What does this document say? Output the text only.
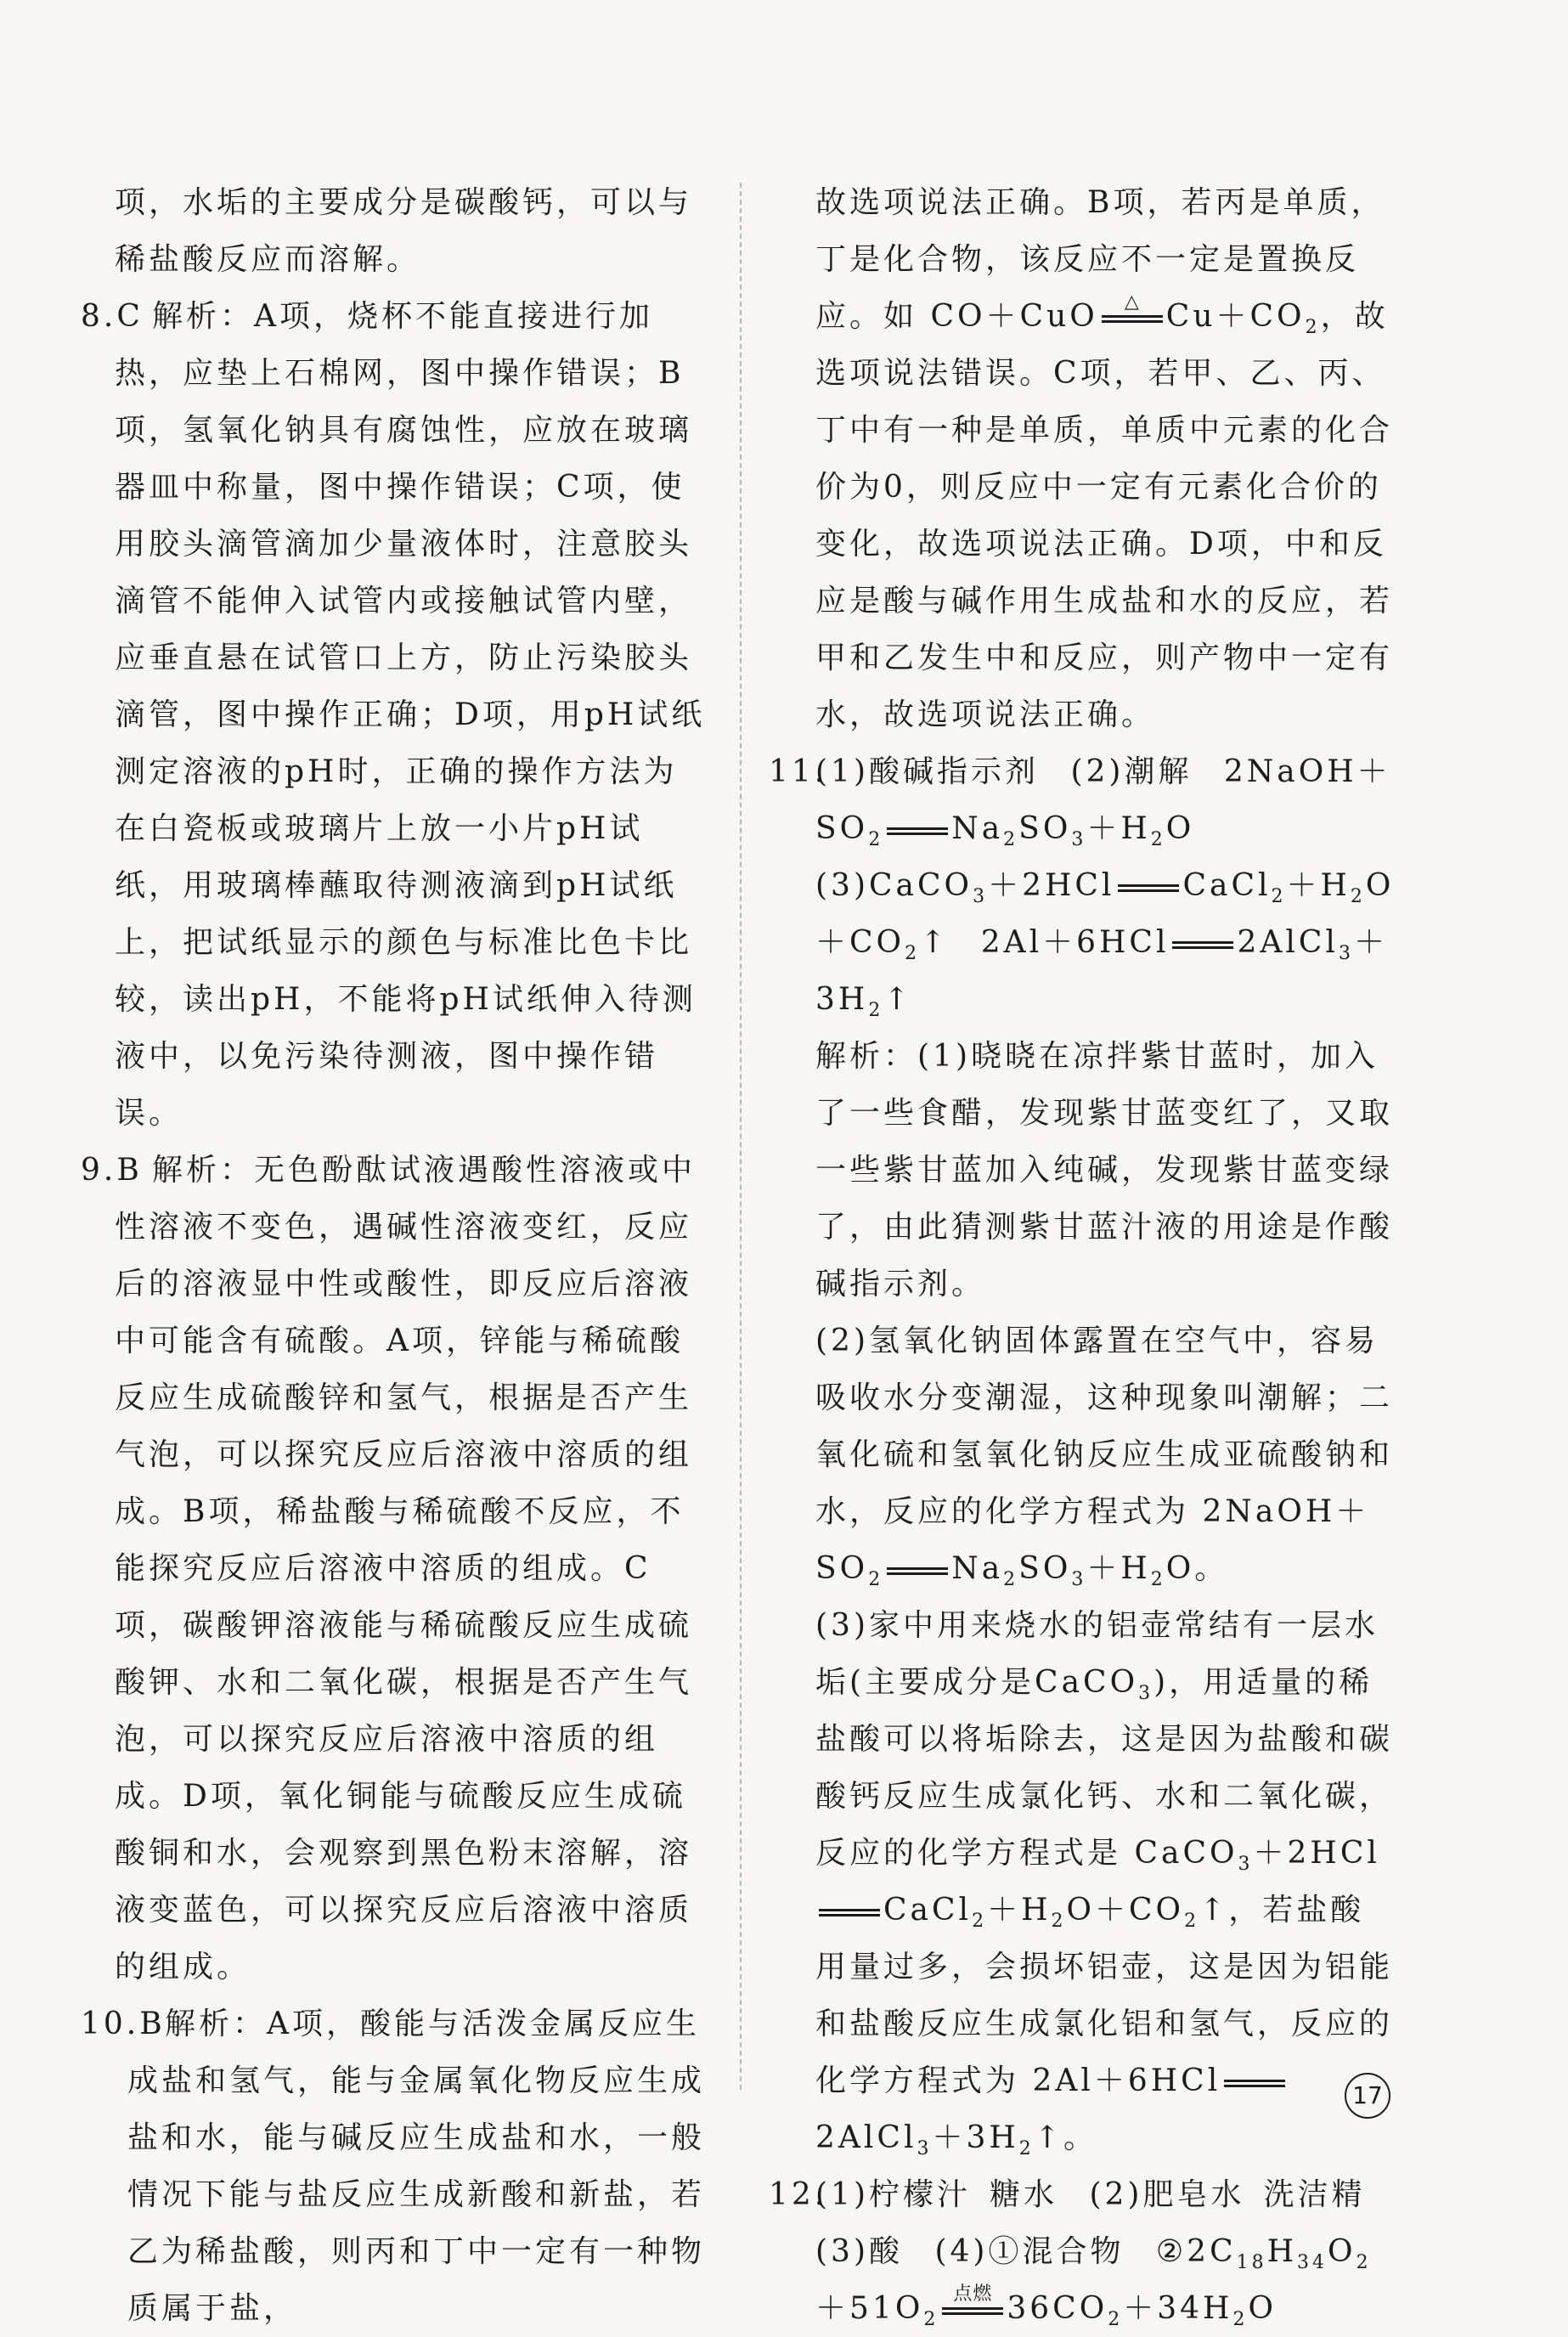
项，水垢的主要成分是碳酸钙，可以与稀盐酸反应而溶解。

8.C 解析：A项，烧杯不能直接进行加热，应垫上石棉网，图中操作错误；B项，氢氧化钠具有腐蚀性，应放在玻璃器皿中称量，图中操作错误；C项，使用胶头滴管滴加少量液体时，注意胶头滴管不能伸入试管内或接触试管内壁，应垂直悬在试管口上方，防止污染胶头滴管，图中操作正确；D项，用pH试纸测定溶液的pH时，正确的操作方法为在白瓷板或玻璃片上放一小片pH试纸，用玻璃棒蘸取待测液滴到pH试纸上，把试纸显示的颜色与标准比色卡比较，读出pH，不能将pH试纸伸入待测液中，以免污染待测液，图中操作错误。

9.B 解析：无色酚酞试液遇酸性溶液或中性溶液不变色，遇碱性溶液变红，反应后的溶液显中性或酸性，即反应后溶液中可能含有硫酸。A项，锌能与稀硫酸反应生成硫酸锌和氢气，根据是否产生气泡，可以探究反应后溶液中溶质的组成。B项，稀盐酸与稀硫酸不反应，不能探究反应后溶液中溶质的组成。C项，碳酸钾溶液能与稀硫酸反应生成硫酸钾、水和二氧化碳，根据是否产生气泡，可以探究反应后溶液中溶质的组成。D项，氧化铜能与硫酸反应生成硫酸铜和水，会观察到黑色粉末溶解，溶液变蓝色，可以探究反应后溶液中溶质的组成。

10.B 解析：A项，酸能与活泼金属反应生成盐和氢气，能与金属氧化物反应生成盐和水，能与碱反应生成盐和水，一般情况下能与盐反应生成新酸和新盐，若乙为稀盐酸，则丙和丁中一定有一种物质属于盐，

故选项说法正确。B项，若丙是单质，丁是化合物，该反应不一定是置换反应。如 CO＋CuO	△ $Cu+CO_2$，故选项说法错误。C项，若甲、乙、丙、丁中有一种是单质，单质中元素的化合价为0，则反应中一定有元素化合价的变化，故选项说法正确。D项，中和反应是酸与碱作用生成盐和水的反应，若甲和乙发生中和反应，则产物中一定有水，故选项说法正确。

11.
(1)酸碱指示剂 (2)潮解 $2NaOH+SO_2$ $Na_2SO_3+H_2O$ (3)CaCO$_3$＋2HCl $CaCl_2+H_2O+CO_2↑$ 2Al＋6HCl $2AlCl_3+3H_2↑$

解析：(1)晓晓在凉拌紫甘蓝时，加入了一些食醋，发现紫甘蓝变红了，又取一些紫甘蓝加入纯碱，发现紫甘蓝变绿了，由此猜测紫甘蓝汁液的用途是作酸碱指示剂。

(2)氢氧化钠固体露置在空气中，容易吸收水分变潮湿，这种现象叫潮解；二氧化硫和氢氧化钠反应生成亚硫酸钠和水，反应的化学方程式为 $2NaOH+SO_2$ $Na_2SO_3+H_2O$。

(3)家中用来烧水的铝壶常结有一层水垢(主要成分是CaCO$_3$)，用适量的稀盐酸可以将垢除去，这是因为盐酸和碳酸钙反应生成氯化钙、水和二氧化碳，反应的化学方程式是 $CaCO_3+2HClCaCl_2+H_2O+CO_2↑$，若盐酸用量过多，会损坏铝壶，这是因为铝能和盐酸反应生成氯化铝和氢气，反应的化学方程式为 $2Al+6HCl2AlCl_3+3H_2↑$。

12.
(1)柠檬汁 糖水 (2)肥皂水 洗洁精 (3)酸 (4)①混合物 $②2C_{18}H_{34}O_2+51O_2$
点燃 $36CO_2+34H_2O$

17
